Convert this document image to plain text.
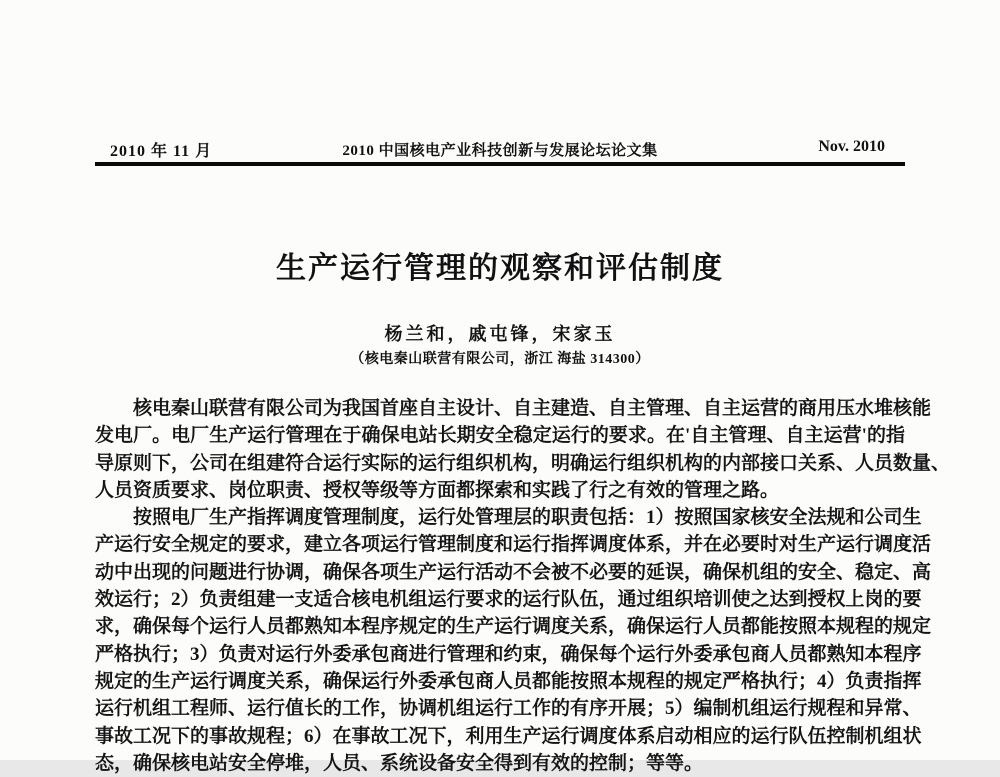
2010 年 11 月	2010 中国核电产业科技创新与发展论坛论文集	Nov. 2010
生产运行管理的观察和评估制度
杨兰和，戚屯锋，宋家玉
（核电秦山联营有限公司，浙江 海盐 314300）
核电秦山联营有限公司为我国首座自主设计、自主建造、自主管理、自主运营的商用压水堆核能
发电厂。电厂生产运行管理在于确保电站长期安全稳定运行的要求。在'自主管理、自主运营'的指
导原则下，公司在组建符合运行实际的运行组织机构，明确运行组织机构的内部接口关系、人员数量、
人员资质要求、岗位职责、授权等级等方面都探索和实践了行之有效的管理之路。
按照电厂生产指挥调度管理制度，运行处管理层的职责包括：1）按照国家核安全法规和公司生
产运行安全规定的要求，建立各项运行管理制度和运行指挥调度体系，并在必要时对生产运行调度活
动中出现的问题进行协调，确保各项生产运行活动不会被不必要的延误，确保机组的安全、稳定、高
效运行；2）负责组建一支适合核电机组运行要求的运行队伍，通过组织培训使之达到授权上岗的要
求，确保每个运行人员都熟知本程序规定的生产运行调度关系，确保运行人员都能按照本规程的规定
严格执行；3）负责对运行外委承包商进行管理和约束，确保每个运行外委承包商人员都熟知本程序
规定的生产运行调度关系，确保运行外委承包商人员都能按照本规程的规定严格执行；4）负责指挥
运行机组工程师、运行值长的工作，协调机组运行工作的有序开展；5）编制机组运行规程和异常、
事故工况下的事故规程；6）在事故工况下，利用生产运行调度体系启动相应的运行队伍控制机组状
态，确保核电站安全停堆，人员、系统设备安全得到有效的控制；等等。
